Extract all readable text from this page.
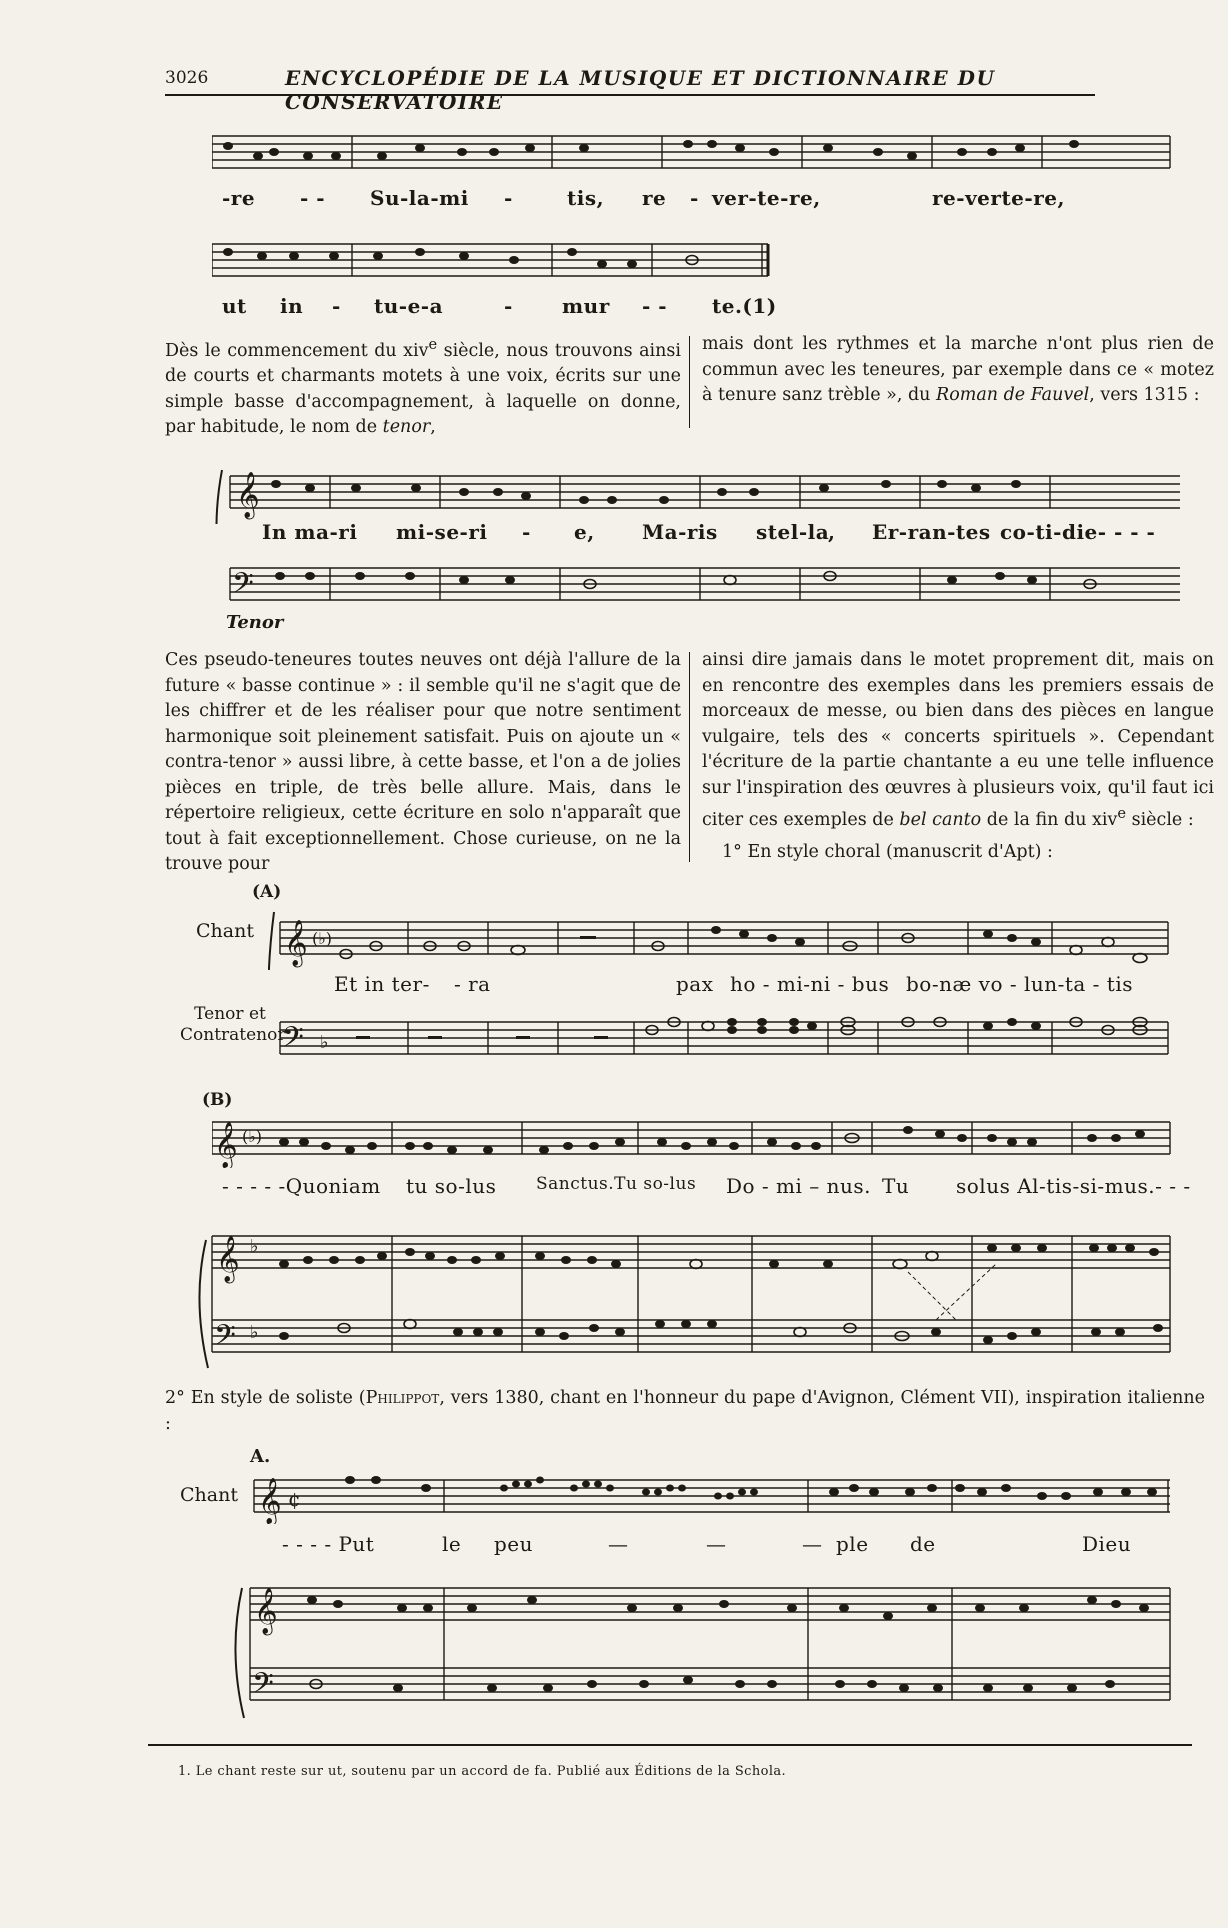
3026	ENCYCLOPÉDIE DE LA MUSIQUE ET DICTIONNAIRE DU CONSERVATOIRE
-re - - Su-la-mi -	tis, re - ver-te-re,	re-verte-re,
ut in - tu-e-a	- mur - - te.(1)
Dès le commencement du xiv$^e$ siècle, nous trouvons ainsi de courts et charmants motets à une voix, écrits sur une simple basse d'accompagnement, à laquelle on donne, par habitude, le nom de tenor,
mais dont les rythmes et la marche n'ont plus rien de commun avec les teneures, par exemple dans ce « motez à tenure sanz trèble », du Roman de Fauvel, vers 1315 :
𝄞
In ma-ri mi-se-ri - e, Ma-ris stel-la
, Er-ran-tes co-ti-die- - - -
𝄢
Tenor
Ces pseudo-teneures toutes neuves ont déjà l'allure de la future « basse continue » : il semble qu'il ne s'agit que de les chiffrer et de les réaliser pour que notre sentiment harmonique soit pleinement satisfait. Puis on ajoute un « contra-tenor » aussi libre, à cette basse, et l'on a de jolies pièces en triple, de très belle allure. Mais, dans le répertoire religieux, cette écriture en solo n'apparaît que tout à fait exceptionnellement. Chose curieuse, on ne la trouve pour
ainsi dire jamais dans le motet proprement dit, mais on en rencontre des exemples dans les premiers essais de morceaux de messe, ou bien dans des pièces en langue vulgaire, tels des « concerts spirituels ». Cependant l'écriture de la partie chantante a eu une telle influence sur l'inspiration des œuvres à plusieurs voix, qu'il faut ici citer ces exemples de bel canto de la fin du xiv$^e$ siècle :
1° En style choral (manuscrit d'Apt) :
(A)
Chant 𝄞 (♭)
Et in ter- - ra	pax ho - mi-ni - bus bo-næ vo - lun-ta - tis
Tenor et Contratenor
𝄢 ♭
(B)
𝄞 (♭)
- - - - -Quoniam tu so-lus Sanctus.Tu so-lus Do - mi – nus. Tu solus Al-tis-si-mus.- - -
𝄞 ♭
𝄢 ♭
2° En style de soliste (Philippot, vers 1380, chant en l'honneur du pape d'Avignon, Clément VII), inspiration italienne :
A.
Chant 𝄞 ¢
- - - - Put	le peu	—	—	— ple de	Dieu
𝄞
𝄢
1. Le chant reste sur ut, soutenu par un accord de fa. Publié aux Éditions de la Schola.
